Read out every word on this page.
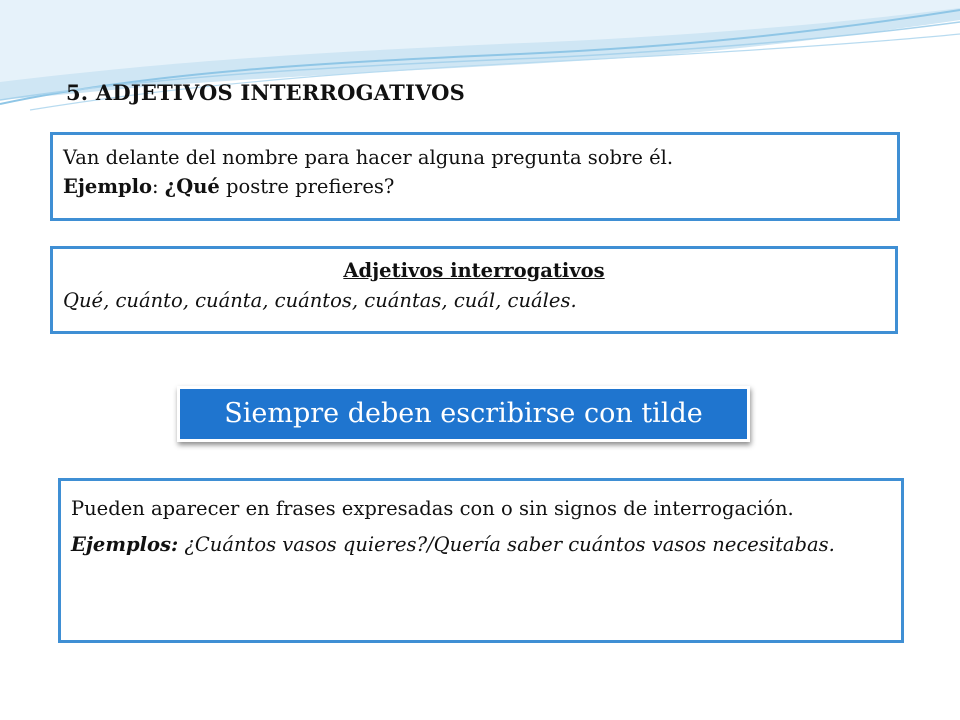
5. ADJETIVOS INTERROGATIVOS
Van delante del nombre para hacer alguna pregunta sobre él.
Ejemplo: ¿Qué postre prefieres?
Adjetivos interrogativos
Qué, cuánto, cuánta, cuántos, cuántas, cuál, cuáles.
Siempre deben escribirse con tilde
Pueden aparecer en frases expresadas con o sin signos de interrogación.
Ejemplos: ¿Cuántos vasos quieres?/Quería saber cuántos vasos necesitabas.
